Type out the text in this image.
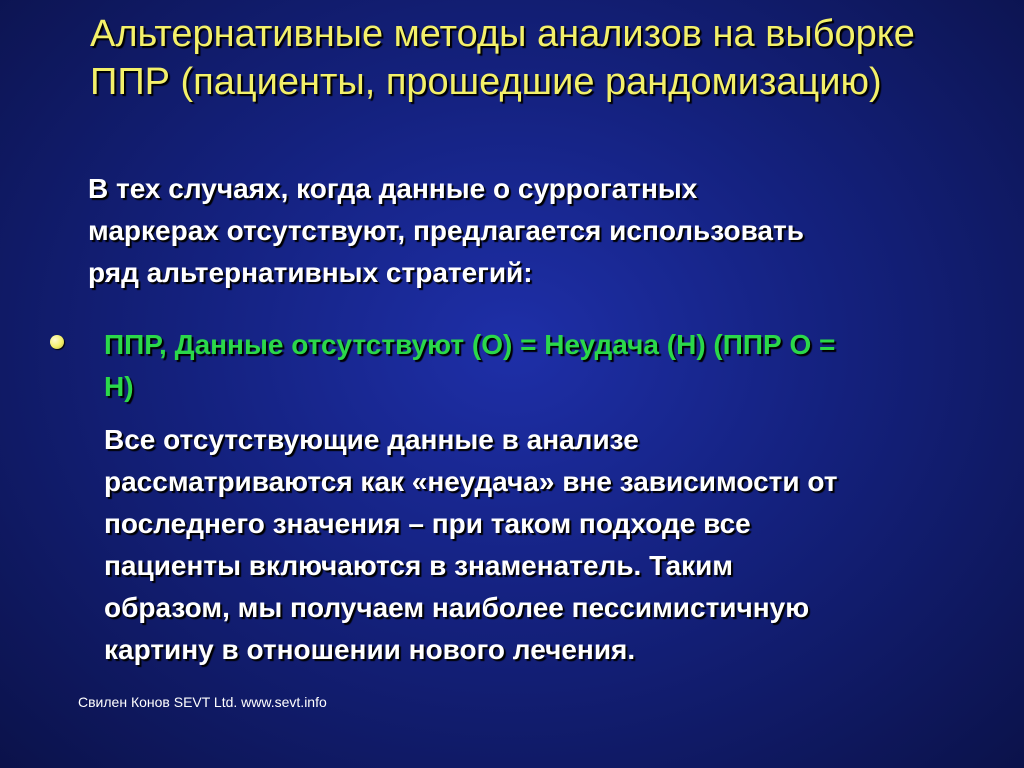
Альтернативные методы анализов на выборке
ППР (пациенты, прошедшие рандомизацию)
В тех случаях, когда данные о суррогатных
маркерах отсутствуют, предлагается использовать
ряд альтернативных стратегий:
ППР, Данные отсутствуют (О) = Неудача (Н) (ППР О =
Н)
Все отсутствующие данные в анализе
рассматриваются как «неудача» вне зависимости от
последнего значения – при таком подходе все
пациенты включаются в знаменатель. Таким
образом, мы получаем наиболее пессимистичную
картину в отношении нового лечения.
Свилен Конов SEVT Ltd. www.sevt.info
